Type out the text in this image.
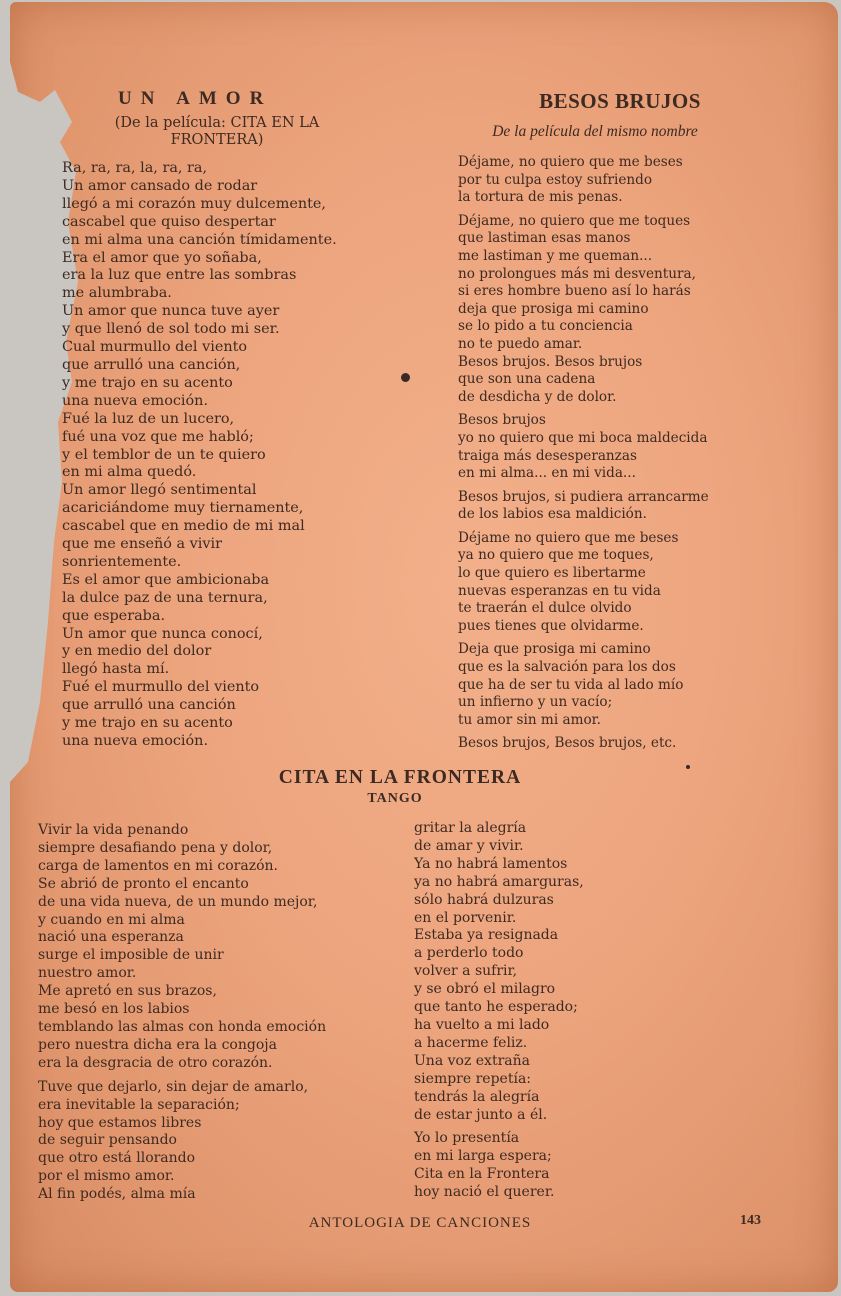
UN AMOR
(De la película: CITA EN LA FRONTERA)
Ra, ra, ra, la, ra, ra,
Un amor cansado de rodar
llegó a mi corazón muy dulcemente,
cascabel que quiso despertar
en mi alma una canción tímidamente.
Era el amor que yo soñaba,
era la luz que entre las sombras
me alumbraba.
Un amor que nunca tuve ayer
y que llenó de sol todo mi ser.
Cual murmullo del viento
que arrulló una canción,
y me trajo en su acento
una nueva emoción.
Fué la luz de un lucero,
fué una voz que me habló;
y el temblor de un te quiero
en mi alma quedó.
Un amor llegó sentimental
acariciándome muy tiernamente,
cascabel que en medio de mi mal
que me enseñó a vivir
sonrientemente.
Es el amor que ambicionaba
la dulce paz de una ternura,
que esperaba.
Un amor que nunca conocí,
y en medio del dolor
llegó hasta mí.
Fué el murmullo del viento
que arrulló una canción
y me trajo en su acento
una nueva emoción.
BESOS BRUJOS
De la película del mismo nombre
Déjame, no quiero que me beses
por tu culpa estoy sufriendo
la tortura de mis penas.
Déjame, no quiero que me toques
que lastiman esas manos
me lastiman y me queman...
no prolongues más mi desventura,
si eres hombre bueno así lo harás
deja que prosiga mi camino
se lo pido a tu conciencia
no te puedo amar.
Besos brujos. Besos brujos
que son una cadena
de desdicha y de dolor.
Besos brujos
yo no quiero que mi boca maldecida
traiga más desesperanzas
en mi alma... en mi vida...
Besos brujos, si pudiera arrancarme
de los labios esa maldición.
Déjame no quiero que me beses
ya no quiero que me toques,
lo que quiero es libertarme
nuevas esperanzas en tu vida
te traerán el dulce olvido
pues tienes que olvidarme.
Deja que prosiga mi camino
que es la salvación para los dos
que ha de ser tu vida al lado mío
un infierno y un vacío;
tu amor sin mi amor.
Besos brujos, Besos brujos, etc.
CITA EN LA FRONTERA
TANGO
Vivir la vida penando
siempre desafiando pena y dolor,
carga de lamentos en mi corazón.
Se abrió de pronto el encanto
de una vida nueva, de un mundo mejor,
y cuando en mi alma
nació una esperanza
surge el imposible de unir
nuestro amor.
Me apretó en sus brazos,
me besó en los labios
temblando las almas con honda emoción
pero nuestra dicha era la congoja
era la desgracia de otro corazón.
Tuve que dejarlo, sin dejar de amarlo,
era inevitable la separación;
hoy que estamos libres
de seguir pensando
que otro está llorando
por el mismo amor.
Al fin podés, alma mía
gritar la alegría
de amar y vivir.
Ya no habrá lamentos
ya no habrá amarguras,
sólo habrá dulzuras
en el porvenir.
Estaba ya resignada
a perderlo todo
volver a sufrir,
y se obró el milagro
que tanto he esperado;
ha vuelto a mi lado
a hacerme feliz.
Una voz extraña
siempre repetía:
tendrás la alegría
de estar junto a él.
Yo lo presentía
en mi larga espera;
Cita en la Frontera
hoy nació el querer.
ANTOLOGIA DE CANCIONES	143
